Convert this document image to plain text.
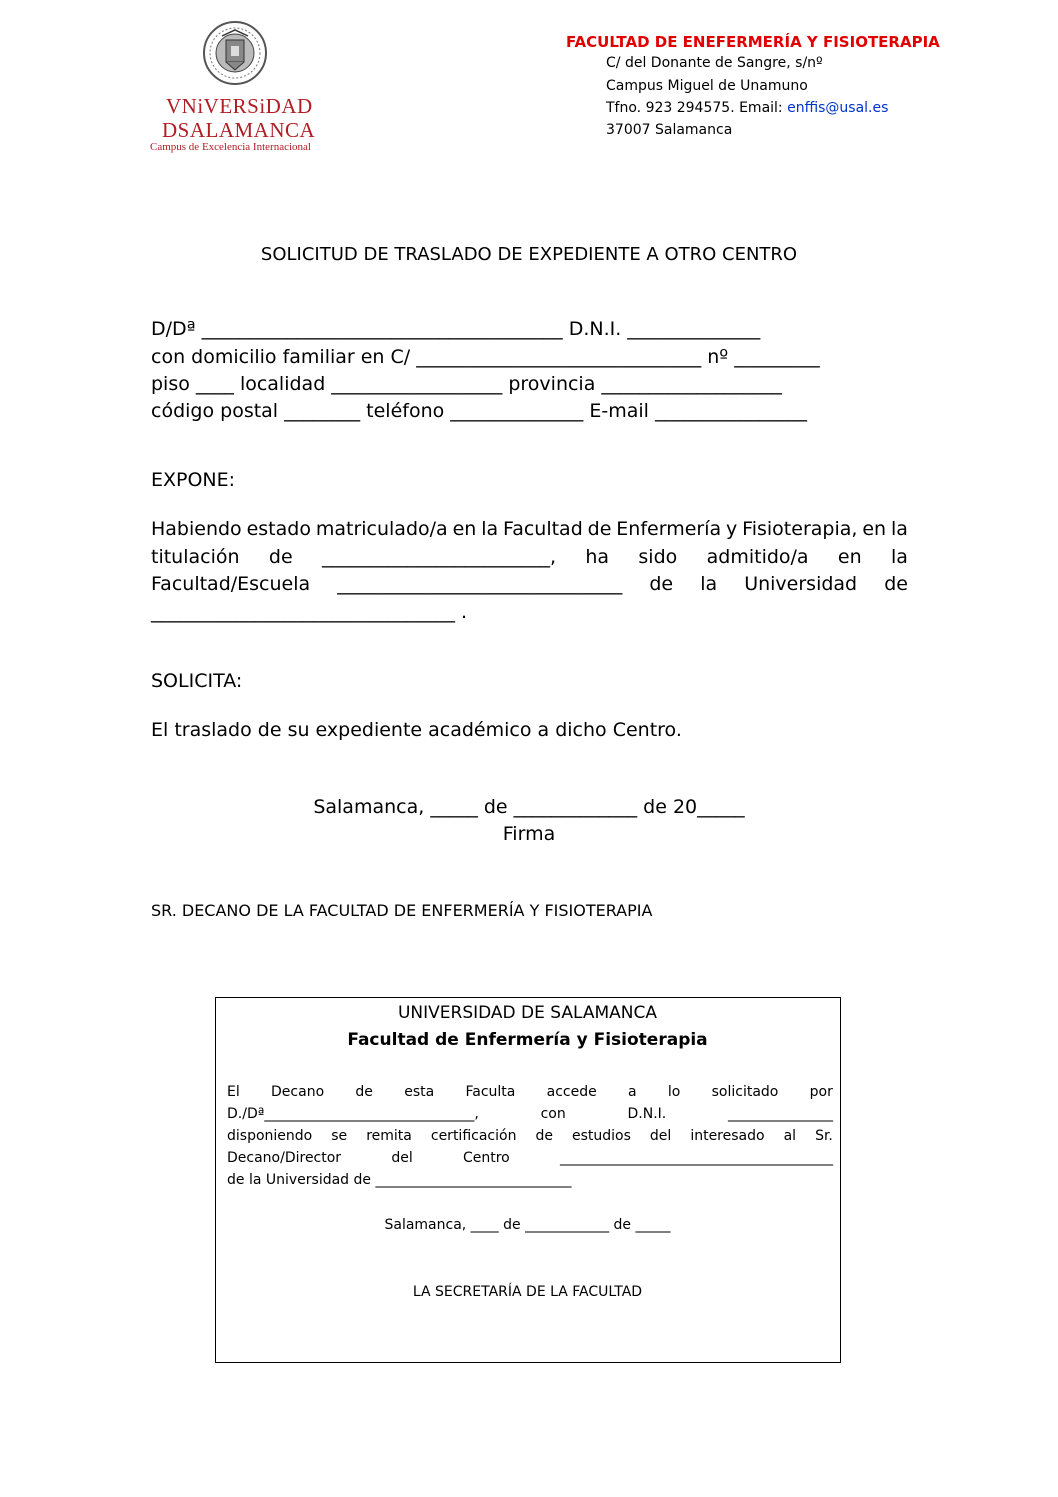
VNiVERSiDAD
DSALAMANCA
Campus de Excelencia Internacional
FACULTAD DE ENEFERMERÍA Y FISIOTERAPIA
C/ del Donante de Sangre, s/nº
Campus Miguel de Unamuno
Tfno. 923 294575. Email: enffis@usal.es
37007 Salamanca
SOLICITUD DE TRASLADO DE EXPEDIENTE A OTRO CENTRO
D/Dª ______________________________________ D.N.I. ______________
con domicilio familiar en C/ ______________________________ nº _________
piso ____ localidad __________________ provincia ___________________
código postal ________ teléfono ______________ E-mail ________________
EXPONE:
Habiendo estado matriculado/a en la Facultad de Enfermería y Fisioterapia, en la
titulación de ________________________, ha sido admitido/a en la
Facultad/Escuela ______________________________ de la Universidad de
________________________________ .
SOLICITA:
El traslado de su expediente académico a dicho Centro.
Salamanca, _____ de _____________ de 20_____
Firma
SR. DECANO DE LA FACULTAD DE ENFERMERÍA Y FISIOTERAPIA
UNIVERSIDAD DE SALAMANCA
Facultad de Enfermería y Fisioterapia
El Decano de esta Faculta accede a lo solicitado por
D./Dª______________________________,	con	D.N.I.	_______________
disponiendo se remita certificación de estudios del interesado al Sr.
Decano/Director	del	Centro	_______________________________________
de la Universidad de ____________________________
Salamanca, ____ de ____________ de _____
LA SECRETARÍA DE LA FACULTAD
